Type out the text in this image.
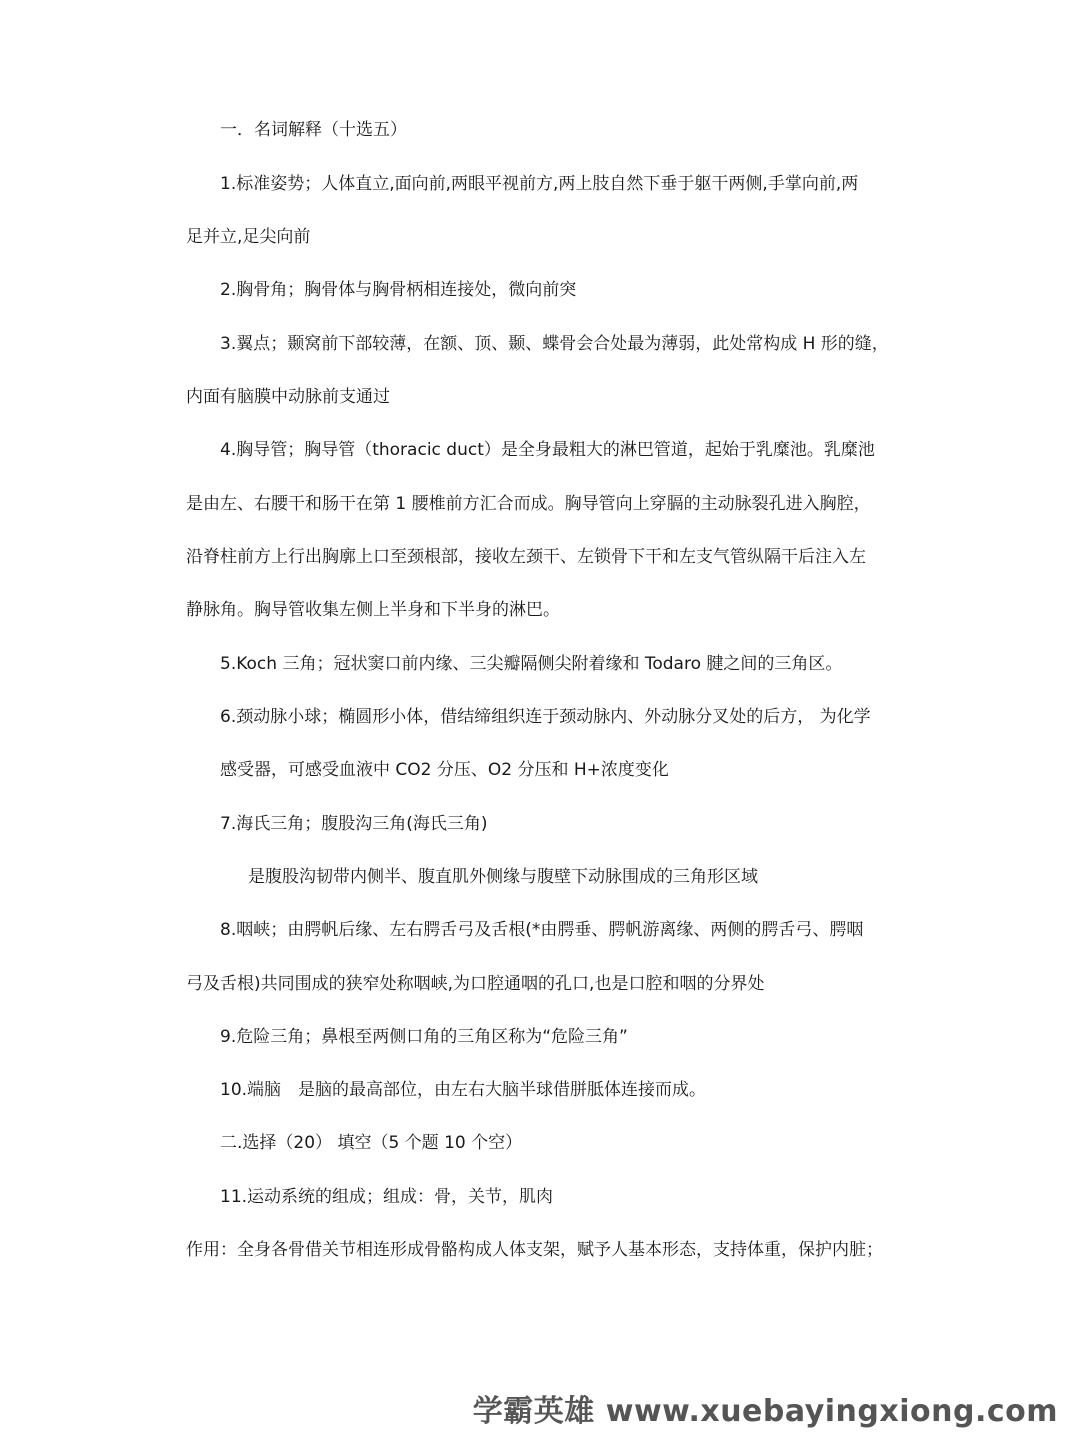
一．名词解释（十选五）
1.标准姿势；人体直立,面向前,两眼平视前方,两上肢自然下垂于躯干两侧,手掌向前,两
足并立,足尖向前
2.胸骨角；胸骨体与胸骨柄相连接处，微向前突
3.翼点；颞窝前下部较薄，在额、顶、颞、蝶骨会合处最为薄弱，此处常构成 H 形的缝，
内面有脑膜中动脉前支通过
4.胸导管；胸导管（thoracic duct）是全身最粗大的淋巴管道，起始于乳糜池。乳糜池
是由左、右腰干和肠干在第 1 腰椎前方汇合而成。胸导管向上穿膈的主动脉裂孔进入胸腔，
沿脊柱前方上行出胸廓上口至颈根部，接收左颈干、左锁骨下干和左支气管纵隔干后注入左
静脉角。胸导管收集左侧上半身和下半身的淋巴。
5.Koch 三角；冠状窦口前内缘、三尖瓣隔侧尖附着缘和 Todaro 腱之间的三角区。
6.颈动脉小球；椭圆形小体，借结缔组织连于颈动脉内、外动脉分叉处的后方， 为化学
感受器，可感受血液中 CO2 分压、O2 分压和 H+浓度变化
7.海氏三角；腹股沟三角(海氏三角)
是腹股沟韧带内侧半、腹直肌外侧缘与腹壁下动脉围成的三角形区域
8.咽峡；由腭帆后缘、左右腭舌弓及舌根(*由腭垂、腭帆游离缘、两侧的腭舌弓、腭咽
弓及舌根)共同围成的狭窄处称咽峡,为口腔通咽的孔口,也是口腔和咽的分界处
9.危险三角；鼻根至两侧口角的三角区称为“危险三角”
10.端脑　是脑的最高部位，由左右大脑半球借胼胝体连接而成。
二.选择（20） 填空（5 个题 10 个空）
11.运动系统的组成；组成：骨，关节，肌肉
作用：全身各骨借关节相连形成骨骼构成人体支架，赋予人基本形态，支持体重，保护内脏；
学霸英雄 www.xuebayingxiong.com
